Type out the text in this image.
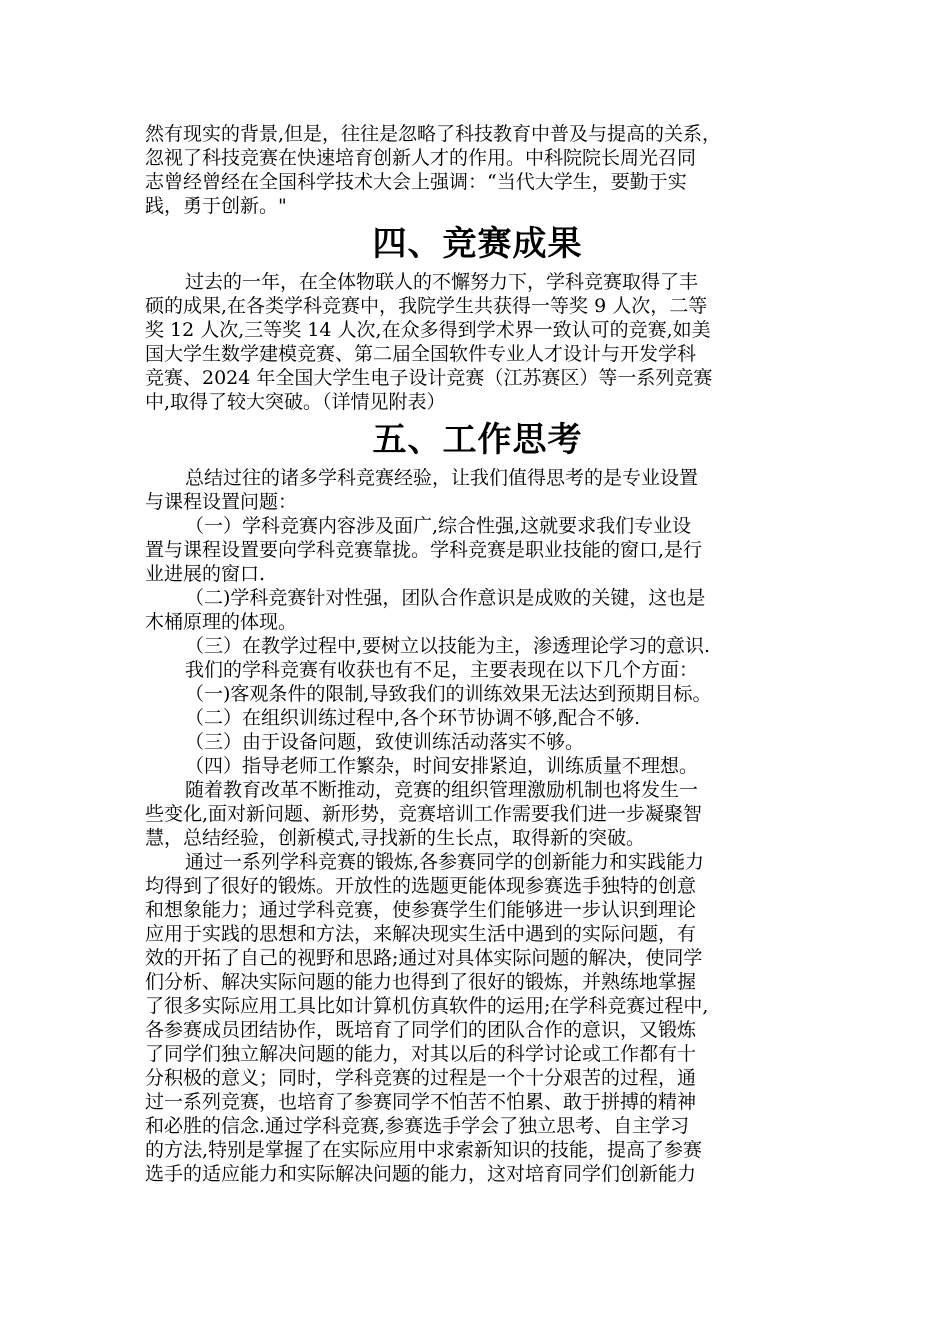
然有现实的背景,但是，往往是忽略了科技教育中普及与提高的关系，
忽视了科技竞赛在快速培育创新人才的作用。中科院院长周光召同
志曾经曾经在全国科学技术大会上强调：“当代大学生，要勤于实
践，勇于创新。"
四、竞赛成果
过去的一年，在全体物联人的不懈努力下，学科竞赛取得了丰
硕的成果,在各类学科竞赛中，我院学生共获得一等奖 9 人次，二等
奖 12 人次,三等奖 14 人次,在众多得到学术界一致认可的竞赛,如美
国大学生数学建模竞赛、第二届全国软件专业人才设计与开发学科
竞赛、2024 年全国大学生电子设计竞赛（江苏赛区）等一系列竞赛
中,取得了较大突破。（详情见附表）
五、工作思考
总结过往的诸多学科竞赛经验，让我们值得思考的是专业设置
与课程设置问题：
（一）学科竞赛内容涉及面广,综合性强,这就要求我们专业设
置与课程设置要向学科竞赛靠拢。学科竞赛是职业技能的窗口,是行
业进展的窗口.
（二)学科竞赛针对性强，团队合作意识是成败的关键，这也是
木桶原理的体现。
（三）在教学过程中,要树立以技能为主，渗透理论学习的意识.
我们的学科竞赛有收获也有不足，主要表现在以下几个方面：
（一)客观条件的限制,导致我们的训练效果无法达到预期目标。
（二）在组织训练过程中,各个环节协调不够,配合不够.
（三）由于设备问题，致使训练活动落实不够。
（四）指导老师工作繁杂，时间安排紧迫，训练质量不理想。
随着教育改革不断推动，竞赛的组织管理激励机制也将发生一
些变化,面对新问题、新形势，竞赛培训工作需要我们进一步凝聚智
慧，总结经验，创新模式,寻找新的生长点，取得新的突破。
通过一系列学科竞赛的锻炼,各参赛同学的创新能力和实践能力
均得到了很好的锻炼。开放性的选题更能体现参赛选手独特的创意
和想象能力；通过学科竞赛，使参赛学生们能够进一步认识到理论
应用于实践的思想和方法，来解决现实生活中遇到的实际问题，有
效的开拓了自己的视野和思路;通过对具体实际问题的解决，使同学
们分析、解决实际问题的能力也得到了很好的锻炼，并熟练地掌握
了很多实际应用工具比如计算机仿真软件的运用;在学科竞赛过程中,
各参赛成员团结协作，既培育了同学们的团队合作的意识，又锻炼
了同学们独立解决问题的能力，对其以后的科学讨论或工作都有十
分积极的意义；同时，学科竞赛的过程是一个十分艰苦的过程，通
过一系列竞赛，也培育了参赛同学不怕苦不怕累、敢于拼搏的精神
和必胜的信念.通过学科竞赛,参赛选手学会了独立思考、自主学习
的方法,特别是掌握了在实际应用中求索新知识的技能，提高了参赛
选手的适应能力和实际解决问题的能力，这对培育同学们创新能力
